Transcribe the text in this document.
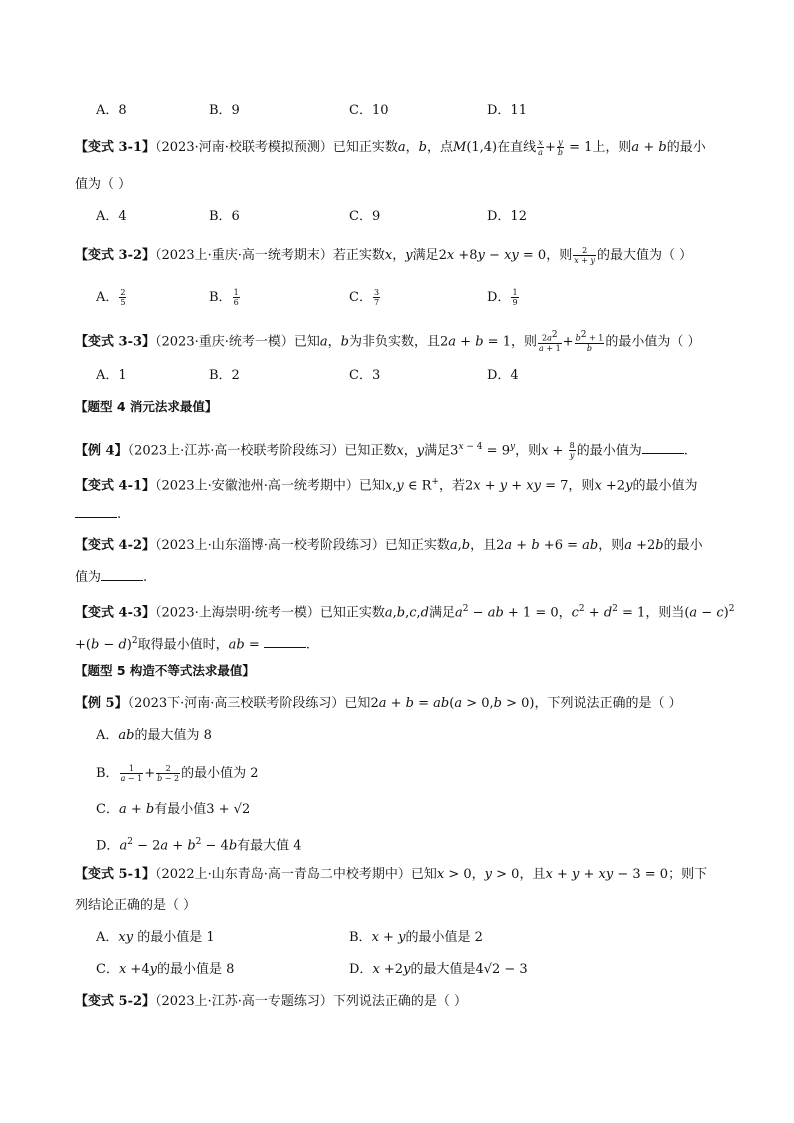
A．8	B．9	C．10	D．11
【变式 3-1】（2023·河南·校联考模拟预测）已知正实数a，b，点M(1,4)在直线 $\frac{x}{a} + \frac{y}{b} = 1$上，则a + b的最小
值为（ ）
A．4	B．6	C．9	D．12
【变式 3-2】（2023上·重庆·高一统考期末）若正实数x，y满足2x +8y − xy = 0，则 $\frac{2}{x + y}$ 的最大值为（ ）
A． $\frac{2}{5}$	B． $\frac{1}{6}$	C． $\frac{3}{7}$	D． $\frac{1}{9}$
【变式 3-3】（2023·重庆·统考一模）已知a，b为非负实数，且2a + b = 1，则 $\frac{2a^2}{a + 1} + \frac{b^2 + 1}{b}$ 的最小值为（ ）
A．1	B．2	C．3	D．4
【题型 4 消元法求最值】
【例 4】（2023上·江苏·高一校联考阶段练习）已知正数x，y满足$3^{x - 4} = 9^y$，则$x + \frac{8}{y}$ 的最小值为	.
【变式 4-1】（2023上·安徽池州·高一统考期中）已知x,y ∈ R+，若2x + y + xy = 7，则x +2y的最小值为
.
【变式 4-2】（2023上·山东淄博·高一校考阶段练习）已知正实数a,b，且2a + b +6 = ab，则a +2b的最小
值为	.
【变式 4-3】（2023·上海崇明·统考一模）已知正实数a,b,c,d满足$a^2$ − ab + 1 = 0，$c^2 + d^2 = 1$，则当$(a - c)^2$
$+(b - d)^2$取得最小值时，ab =	.
【题型 5 构造不等式法求最值】
【例 5】（2023下·河南·高三校联考阶段练习）已知2a + b = ab(a > 0,b > 0)，下列说法正确的是（ ）
A．ab的最大值为 8
B． $\frac{1}{a - 1} + \frac{2}{b - 2}$ 的最小值为 2
C．a + b有最小值3 + √2
D．$a^2 - 2a + b^2 - 4b$有最大值 4
【变式 5-1】（2022上·山东青岛·高一青岛二中校考期中）已知x > 0，y > 0，且x + y + xy − 3 = 0；则下
列结论正确的是（ ）
A．xy 的最小值是 1	B．x + y的最小值是 2
C．x +4y的最小值是 8	D．x +2y的最大值是4√2 − 3
【变式 5-2】（2023上·江苏·高一专题练习）下列说法正确的是（ ）
